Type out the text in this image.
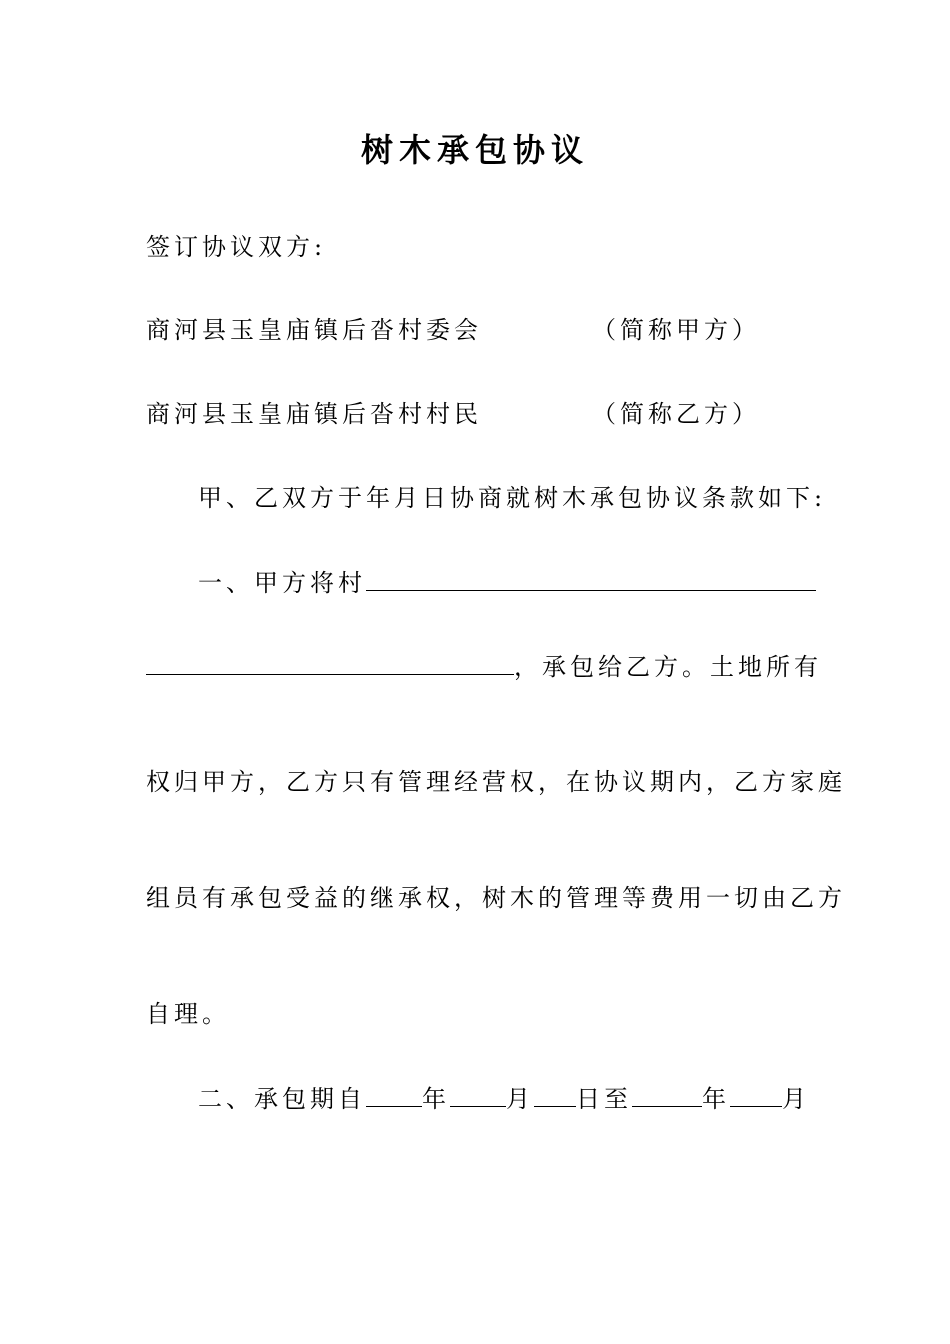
树木承包协议
签订协议双方:
商河县玉皇庙镇后沓村委会	（简称甲方）
商河县玉皇庙镇后沓村村民	（简称乙方）
甲、乙双方于年月日协商就树木承包协议条款如下:
一、甲方将村
，承包给乙方。土地所有
权归甲方，乙方只有管理经营权，在协议期内，乙方家庭
组员有承包受益的继承权，树木的管理等费用一切由乙方
自理。
二、承包期自 年 月 日至	年 月
